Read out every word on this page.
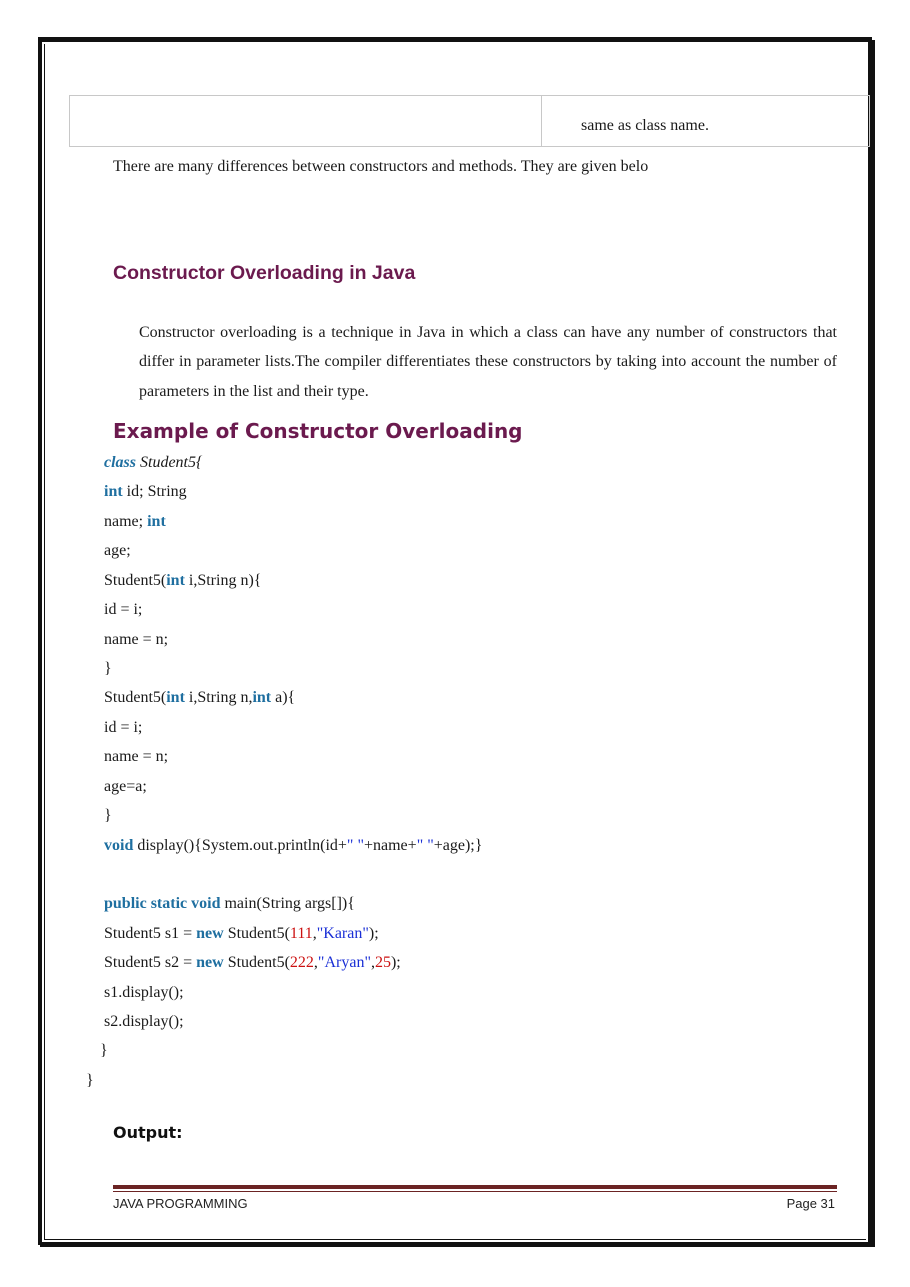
same as class name.
There are many differences between constructors and methods. They are given belo
Constructor Overloading in Java
Constructor overloading is a technique in Java in which a class can have any number of constructors that differ in parameter lists.The compiler differentiates these constructors by taking into account the number of parameters in the list and their type.
Example of Constructor Overloading
class Student5{
int id; String
name; int
age;
Student5(int i,String n){
id = i;
name = n;
}
Student5(int i,String n,int a){
id = i;
name = n;
age=a;
}
void display(){System.out.println(id+" "+name+" "+age);}
public static void main(String args[]){
Student5 s1 = new Student5(111,"Karan");
Student5 s2 = new Student5(222,"Aryan",25);
s1.display();
s2.display();
}
}
Output:
JAVA PROGRAMMING	Page 31
